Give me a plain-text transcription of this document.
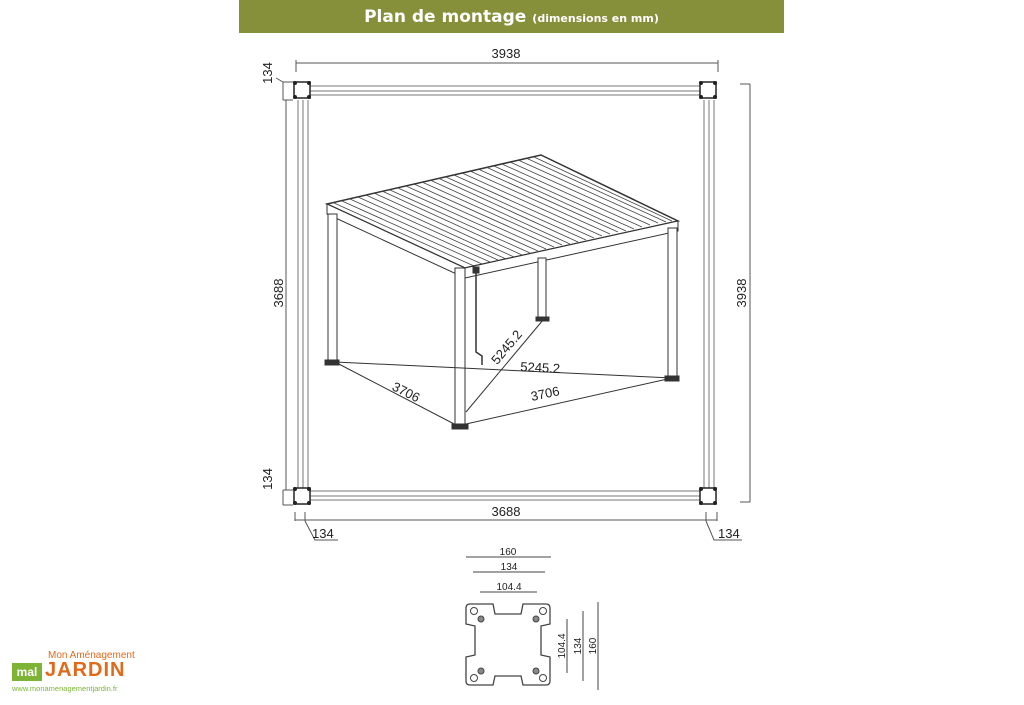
Plan de montage (dimensions en mm)
3938
3688
3688	3938
134
134
134	134
3706	3706
5245.2
5245.2
160
134
104.4
104.4 134 160
Mon Aménagement
mal JARDIN
www.monamenagementjardin.fr
